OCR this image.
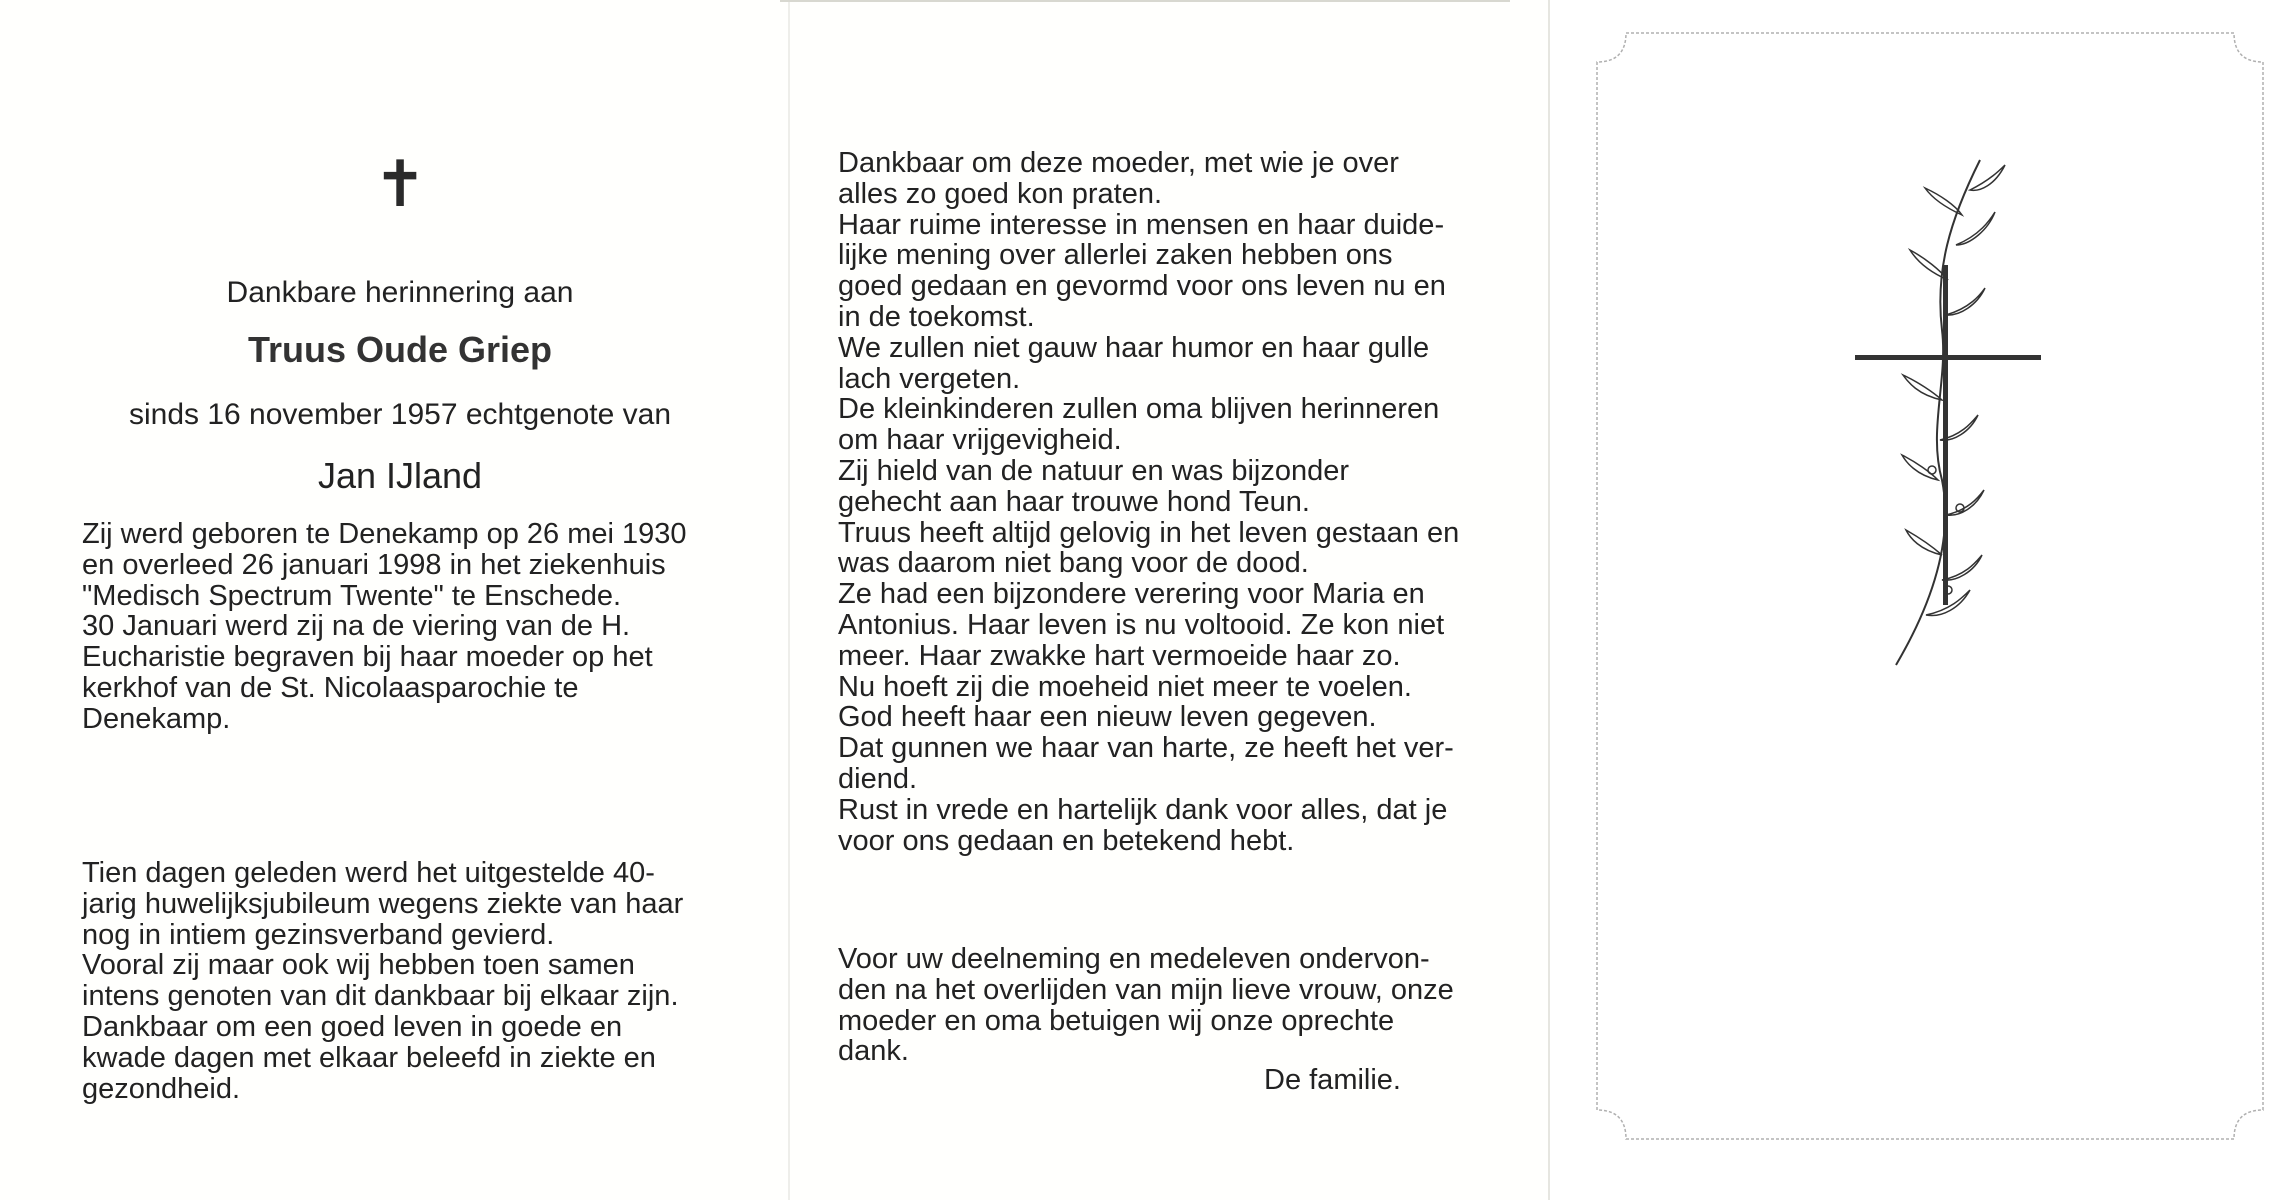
✝
Dankbare herinnering aan
Truus Oude Griep
sinds 16 november 1957 echtgenote van
Jan IJland

Zij werd geboren te Denekamp op 26 mei 1930

en overleed 26 januari 1998 in het ziekenhuis

"Medisch Spectrum Twente" te Enschede.

30 Januari werd zij na de viering van de H.

Eucharistie begraven bij haar moeder op het

kerkhof van de St. Nicolaasparochie te

Denekamp.

Tien dagen geleden werd het uitgestelde 40-

jarig huwelijksjubileum wegens ziekte van haar

nog in intiem gezinsverband gevierd.

Vooral zij maar ook wij hebben toen samen

intens genoten van dit dankbaar bij elkaar zijn.

Dankbaar om een goed leven in goede en

kwade dagen met elkaar beleefd in ziekte en

gezondheid.

Dankbaar om deze moeder, met wie je over

alles zo goed kon praten.

Haar ruime interesse in mensen en haar duide-

lijke mening over allerlei zaken hebben ons

goed gedaan en gevormd voor ons leven nu en

in de toekomst.

We zullen niet gauw haar humor en haar gulle

lach vergeten.

De kleinkinderen zullen oma blijven herinneren

om haar vrijgevigheid.

Zij hield van de natuur en was bijzonder

gehecht aan haar trouwe hond Teun.

Truus heeft altijd gelovig in het leven gestaan en

was daarom niet bang voor de dood.

Ze had een bijzondere verering voor Maria en

Antonius. Haar leven is nu voltooid. Ze kon niet

meer. Haar zwakke hart vermoeide haar zo.

Nu hoeft zij die moeheid niet meer te voelen.

God heeft haar een nieuw leven gegeven.

Dat gunnen we haar van harte, ze heeft het ver-

diend.

Rust in vrede en hartelijk dank voor alles, dat je

voor ons gedaan en betekend hebt.

Voor uw deelneming en medeleven ondervon-

den na het overlijden van mijn lieve vrouw, onze

moeder en oma betuigen wij onze oprechte

dank.

De familie.
